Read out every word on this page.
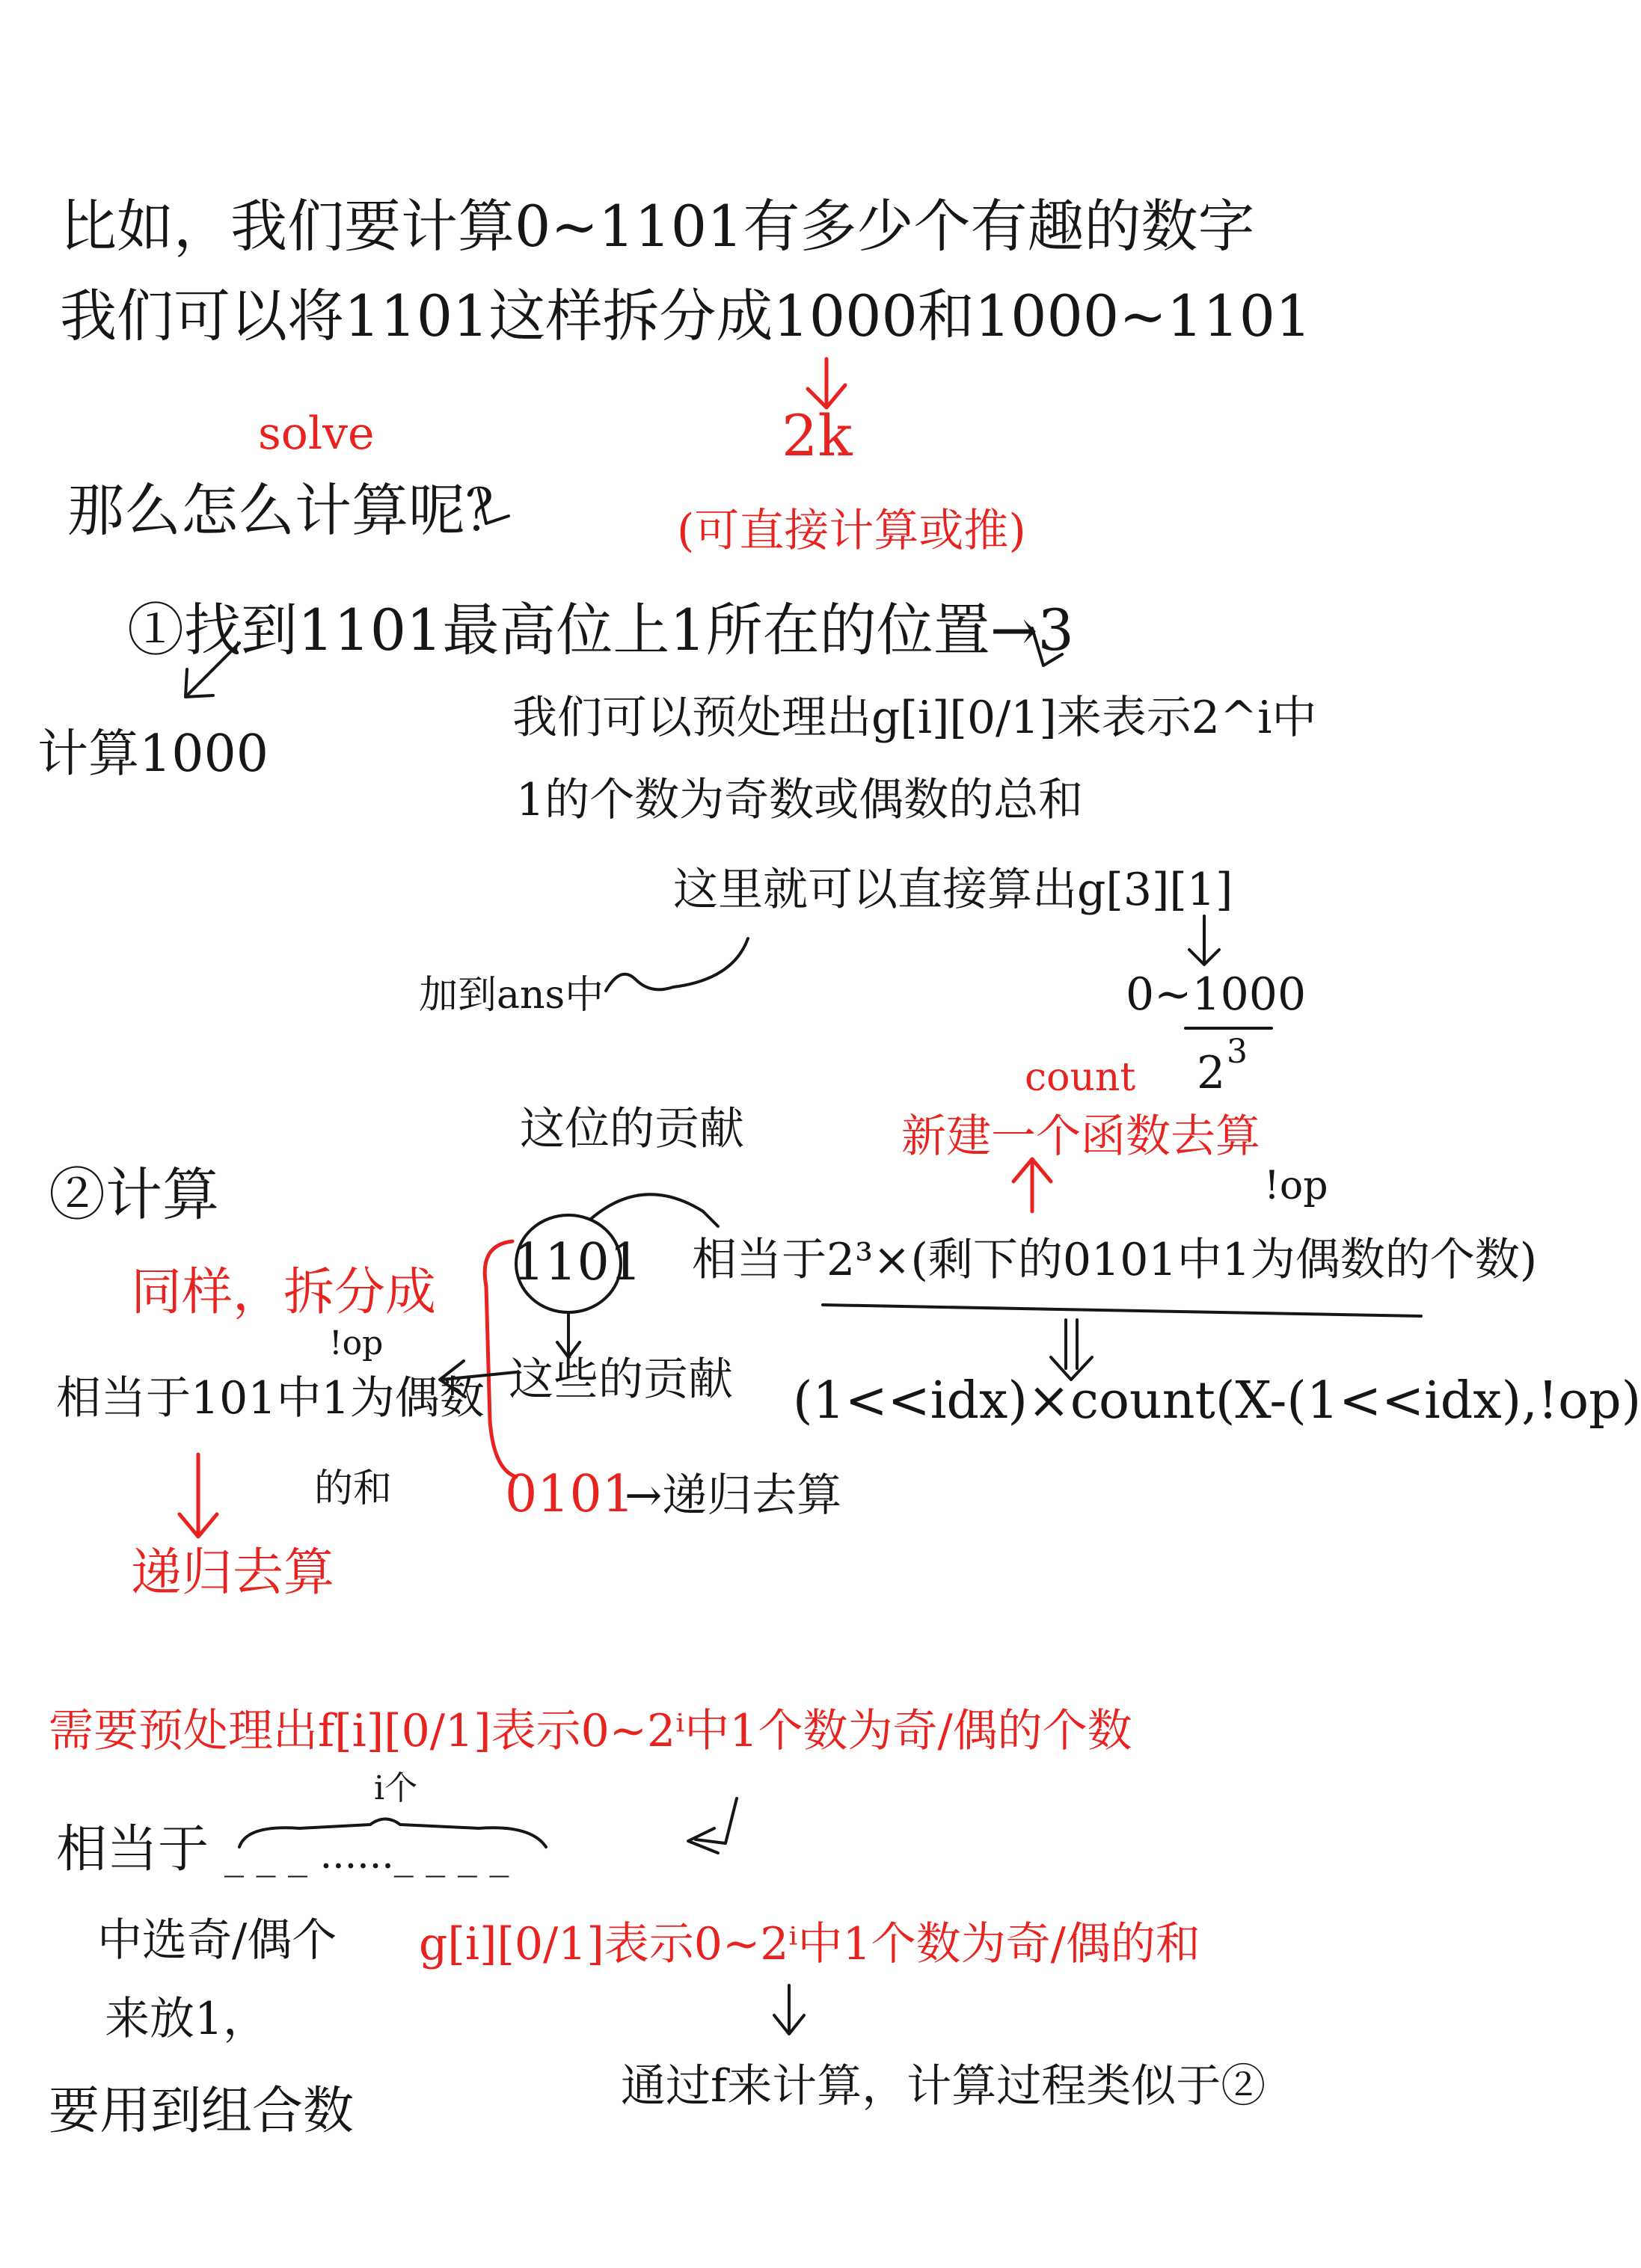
比如，我们要计算0~1101有多少个有趣的数字
我们可以将1101这样拆分成1000和1000~1101
2k
(可直接计算或推)
solve
那么怎么计算呢？
①找到1101最高位上1所在的位置→3
计算1000
我们可以预处理出g[i][0/1]来表示2^i中
1的个数为奇数或偶数的总和
这里就可以直接算出g[3][1]
加到ans中	0~1000
2 3
②计算
同样，拆分成
1101
这位的贡献
count
新建一个函数去算
!op
相当于2³×(剩下的0101中1为偶数的个数)
!op
相当于101中1为偶数
的和
这些的贡献 (1<<idx)×count(X-(1<<idx),!op)
0101
→递归去算
递归去算
需要预处理出f[i][0/1]表示0~2ⁱ中1个数为奇/偶的个数
相当于 _ _ _ ......_ _ _ _
i个
中选奇/偶个
来放1，
要用到组合数
g[i][0/1]表示0~2ⁱ中1个数为奇/偶的和
通过f来计算，计算过程类似于②
